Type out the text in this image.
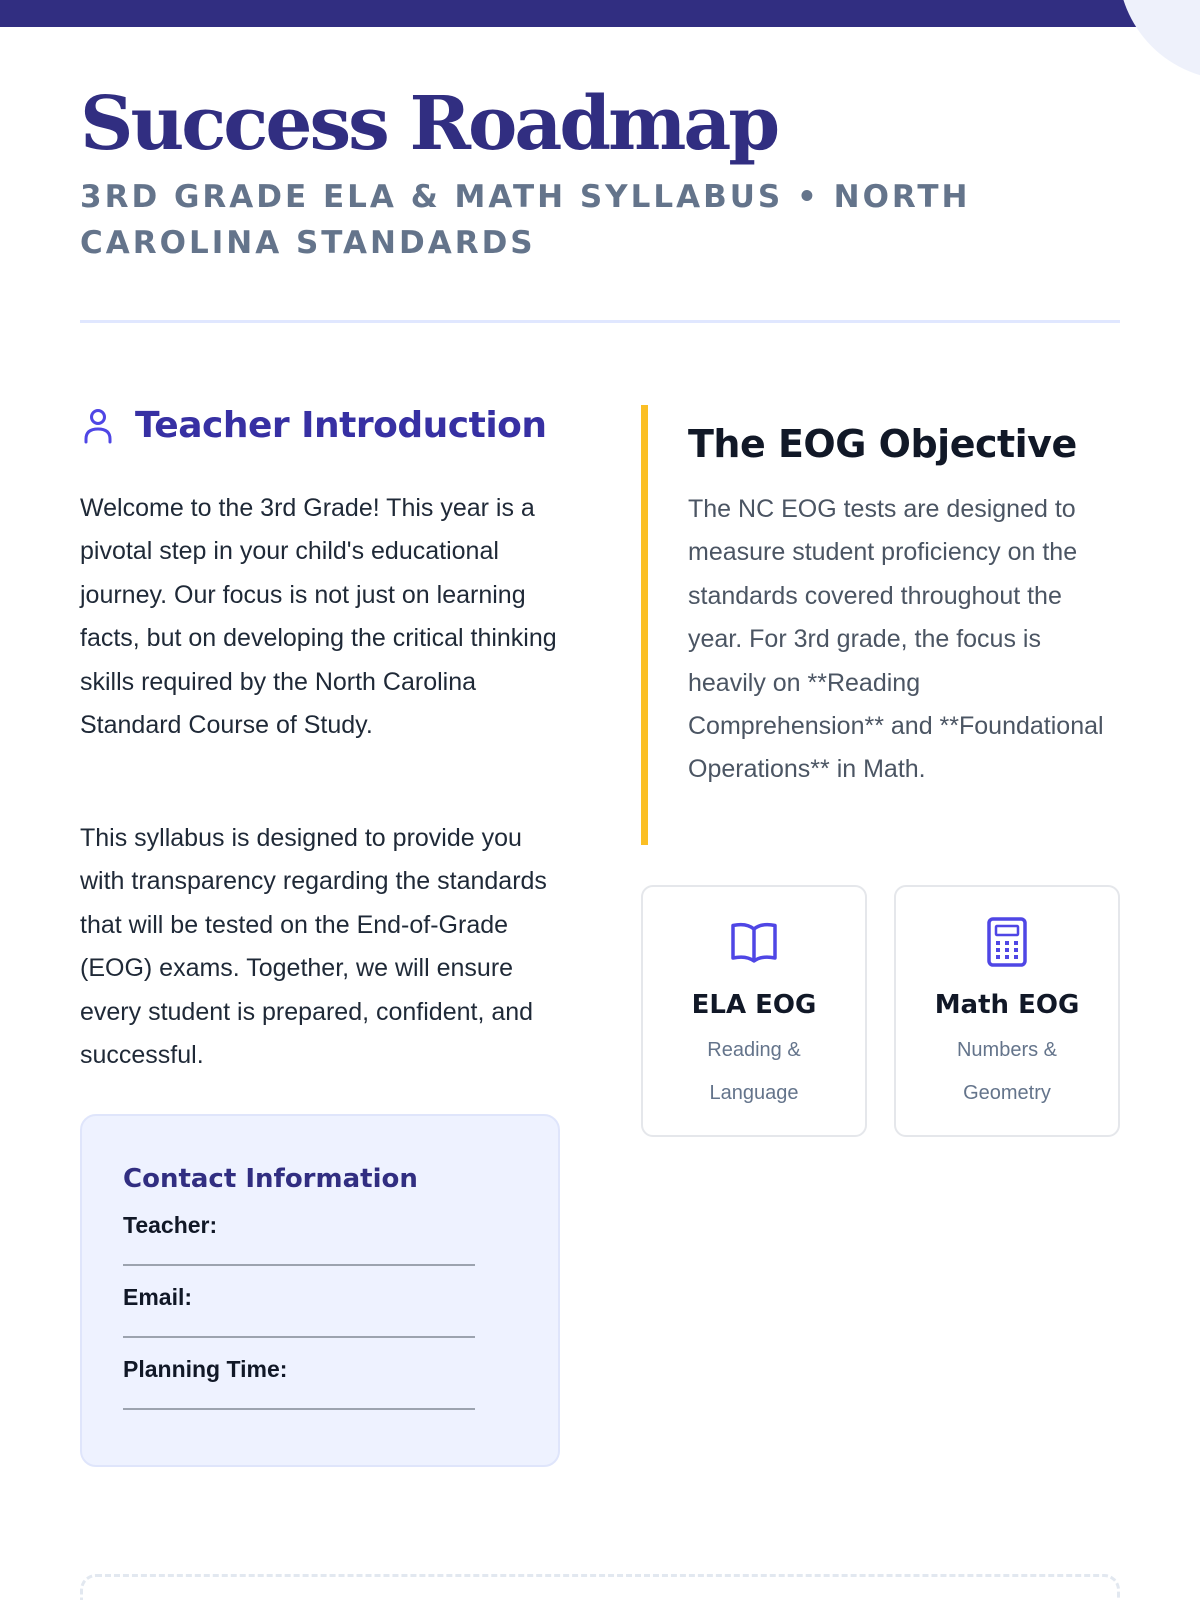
Success Roadmap
3RD GRADE ELA & MATH SYLLABUS • NORTH CAROLINA STANDARDS
Teacher Introduction

Welcome to the 3rd Grade! This year is a pivotal step in your child's educational journey. Our focus is not just on learning facts, but on developing the critical thinking skills required by the North Carolina Standard Course of Study.

This syllabus is designed to provide you with transparency regarding the standards that will be tested on the End-of-Grade (EOG) exams. Together, we will ensure every student is prepared, confident, and successful.

Contact Information
Teacher:
Email:
Planning Time:
The EOG Objective

The NC EOG tests are designed to measure student proficiency on the standards covered throughout the year. For 3rd grade, the focus is heavily on **Reading Comprehension** and **Foundational Operations** in Math.

ELA EOG
Reading & Language
Math EOG
Numbers & Geometry
